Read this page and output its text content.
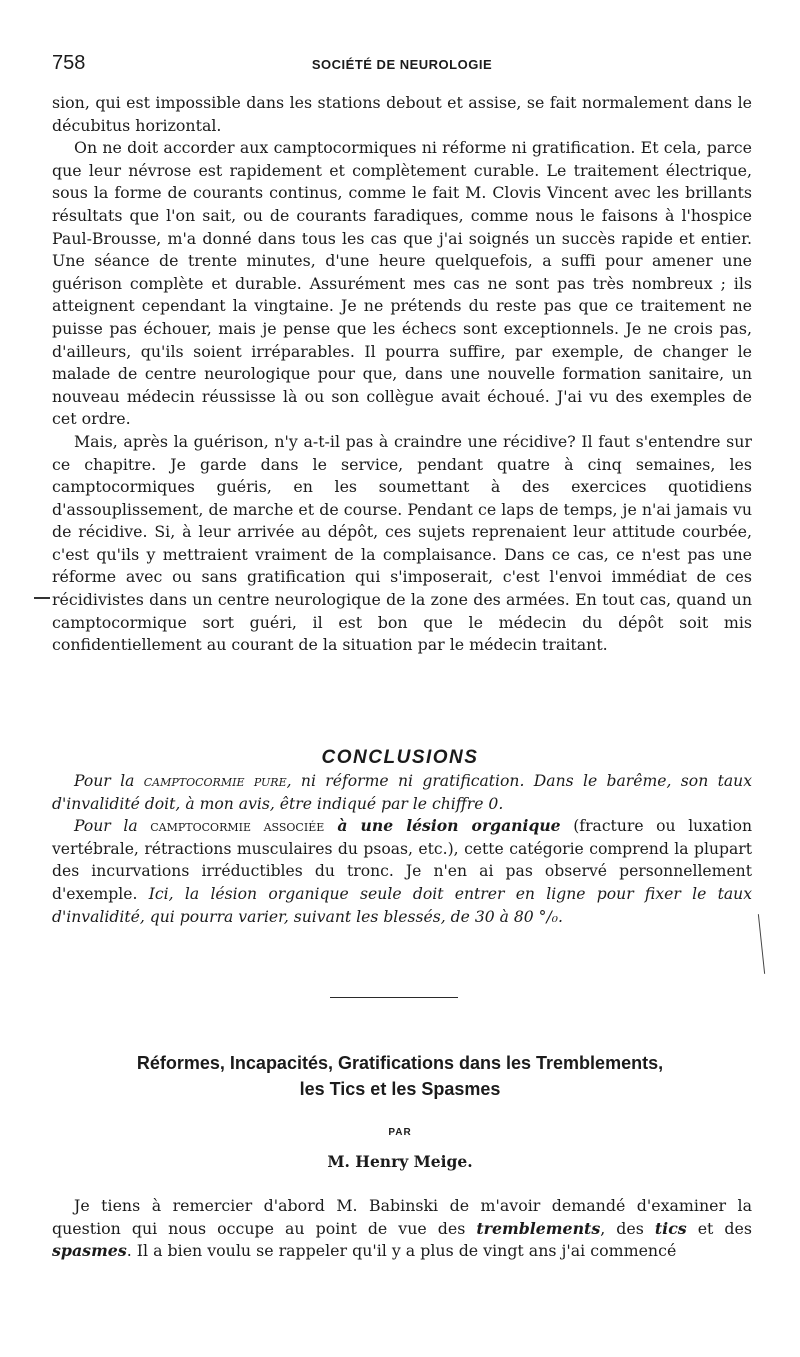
758	SOCIÉTÉ DE NEUROLOGIE

sion, qui est impossible dans les stations debout et assise, se fait normalement dans le décubitus horizontal.

On ne doit accorder aux camptocormiques ni réforme ni gratification. Et cela, parce que leur névrose est rapidement et complètement curable. Le traitement électrique, sous la forme de courants continus, comme le fait M. Clovis Vincent avec les brillants résultats que l'on sait, ou de courants faradiques, comme nous le faisons à l'hospice Paul-Brousse, m'a donné dans tous les cas que j'ai soignés un succès rapide et entier. Une séance de trente minutes, d'une heure quelquefois, a suffi pour amener une guérison complète et durable. Assurément mes cas ne sont pas très nombreux ; ils atteignent cependant la vingtaine. Je ne prétends du reste pas que ce traitement ne puisse pas échouer, mais je pense que les échecs sont exceptionnels. Je ne crois pas, d'ailleurs, qu'ils soient irréparables. Il pourra suffire, par exemple, de changer le malade de centre neurologique pour que, dans une nouvelle formation sanitaire, un nouveau médecin réussisse là ou son collègue avait échoué. J'ai vu des exemples de cet ordre.

Mais, après la guérison, n'y a-t-il pas à craindre une récidive? Il faut s'entendre sur ce chapitre. Je garde dans le service, pendant quatre à cinq semaines, les camptocormiques guéris, en les soumettant à des exercices quotidiens d'assouplissement, de marche et de course. Pendant ce laps de temps, je n'ai jamais vu de récidive. Si, à leur arrivée au dépôt, ces sujets reprenaient leur attitude courbée, c'est qu'ils y mettraient vraiment de la complaisance. Dans ce cas, ce n'est pas une réforme avec ou sans gratification qui s'imposerait, c'est l'envoi immédiat de ces récidivistes dans un centre neurologique de la zone des armées. En tout cas, quand un camptocormique sort guéri, il est bon que le médecin du dépôt soit mis confidentiellement au courant de la situation par le médecin traitant.

CONCLUSIONS

Pour la camptocormie pure, ni réforme ni gratification. Dans le barême, son taux d'invalidité doit, à mon avis, être indiqué par le chiffre 0.

Pour la camptocormie associée à une lésion organique (fracture ou luxation vertébrale, rétractions musculaires du psoas, etc.), cette catégorie comprend la plupart des incurvations irréductibles du tronc. Je n'en ai pas observé personnellement d'exemple. Ici, la lésion organique seule doit entrer en ligne pour fixer le taux d'invalidité, qui pourra varier, suivant les blessés, de 30 à 80 °/₀.

Réformes, Incapacités, Gratifications dans les Tremblements,
les Tics et les Spasmes
PAR
M. Henry Meige.

Je tiens à remercier d'abord M. Babinski de m'avoir demandé d'examiner la question qui nous occupe au point de vue des tremblements, des tics et des spasmes. Il a bien voulu se rappeler qu'il y a plus de vingt ans j'ai commencé
